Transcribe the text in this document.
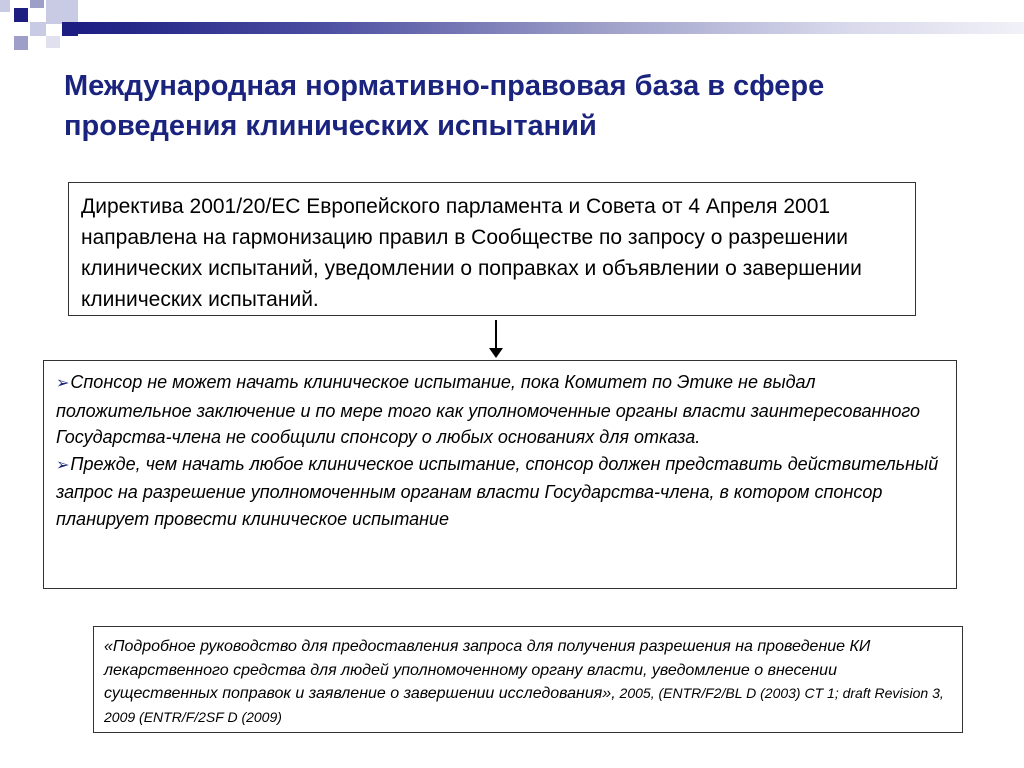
Международная нормативно-правовая база в сфере
проведения клинических испытаний
Директива 2001/20/ЕС Европейского парламента и Совета от 4 Апреля 2001 направлена на гармонизацию правил в Сообществе по запросу о разрешении клинических испытаний, уведомлении о поправках и объявлении о завершении клинических испытаний.

➢Спонсор не может начать клиническое испытание, пока Комитет по Этике не выдал положительное заключение и по мере того как уполномоченные органы власти заинтересованного Государства-члена не сообщили спонсору о любых основаниях для отказа.

➢Прежде, чем начать любое клиническое испытание, спонсор должен представить действительный запрос на разрешение уполномоченным органам власти Государства-члена, в котором спонсор планирует провести клиническое испытание

«Подробное руководство для предоставления запроса для получения разрешения на проведение КИ лекарственного средства для людей уполномоченному органу власти, уведомление о внесении существенных поправок и заявление о завершении исследования», 2005, (ENTR/F2/BL D (2003) CT 1; draft Revision 3, 2009 (ENTR/F/2SF D (2009)
